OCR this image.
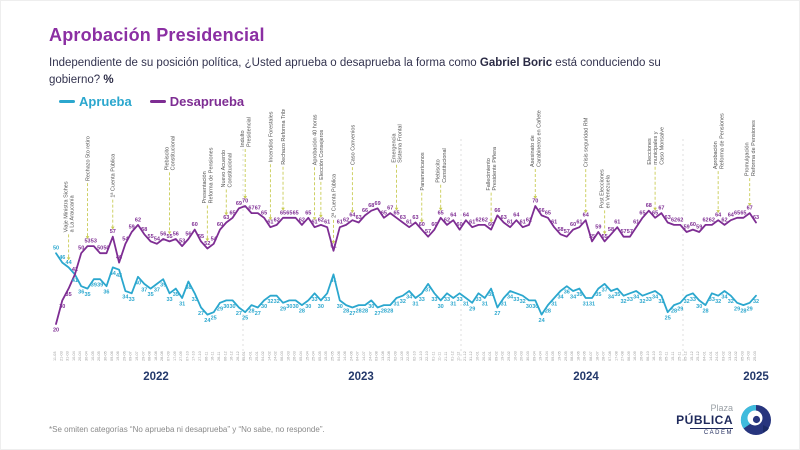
Aprobación Presidencial
Independiente de su posición política, ¿Usted aprueba o desaprueba la forma como Gabriel Boric está conduciendo su gobierno? %
Aprueba	Desaprueba
11-03 21-03 31-03 10-04 20-04 30-04 10-05 20-05 30-05 09-06 19-06 29-06 09-07 19-07 29-07 08-08 18-08 28-08 07-09 17-09 27-09 07-10 17-10 27-10 06-11 16-11 26-11 06-12 16-12 26-12 05-01 15-01 25-01 04-02 14-02 24-02 06-03 16-03 26-03 05-04 15-04 25-04 05-05 15-05 25-05 04-06 14-06 24-06 04-07 14-07 24-07 03-08 13-08 23-08 02-09 12-09 22-09 02-10 12-10 22-10 01-11 11-11 21-11 01-12 11-12 21-12 31-12 10-01 20-01 30-01 09-02 19-02 29-02 10-03 20-03 30-03 09-04 19-04 29-04 09-05 19-05 29-05 08-06 18-06 28-06 08-07 18-07 28-07 07-08 17-08 27-08 06-09 16-09 26-09 06-10 16-10 26-10 05-11 15-11 25-11 05-12 15-12 25-12 04-01 14-01 24-01 03-02 13-02 23-02 05-03 15-03 25-03
Viaje Ministra Siches a La Araucanía
Rechazo 5to retiro	1ª Cuenta Pública	Plebiscito Constitucional
Presentación Reforma de Pensiones Nuevo Acuerdo Constitucional
Indulto Presidencial	Incendios Forestales Rechazo Reforma Tributaria	Aprobación 40 horas Elección Consejeros
2ª Cuenta Pública
Caso Convenios	Emergencia Sistema Frontal
Panamericanos Plebiscito Constitucional	Fallecimiento Presidente Piñera	Asesinato de Carabineros en Cañete	Crisis seguridad RM
Post Elecciones en Venezuela
Elecciones municipales y Caso Monsalve	Aprobación Reforma de Pensiones	Promulgación Reforma de Pensiones
50
20
46
30
44
35
41
41
36
50
35
53
39
53
39
50
36
50
44
57
43
46
34
54
33
59
40
62
37
58
35
55
37
54
39
56
33
55
35
56
31
53
38
56
33
60
27
55
24
52
25
54
29
60
30
63
30
65
27
69
25
70
28
67
27
67
30
65
32
61
32
62
29
65
30
65
30
65
28
62
30
65
33
61
30
62
33
61
41
51
30
61
28
62
27
64
28
63
28
66
30
68
27
69
28
65
28
67
31
65
32
63
34
61
31
63
33
60
37
57
33
60
30
65
33
62
31
64
33
60
31
64
29
61
33
62
31
62
35
60
27
66
31
63
34
61
33
64
32
61
30
62
30
70
24
66
28
65
31
61
34
58
36
57
34
60
35
61
31
64
31
55
35
59
37
55
34
58
35
61
32
57
33
57
34
61
32
65
33
68
34
65
32
67
25
63
28
62
29
62
32
59
33
60
30
59
28
62
33
62
32
64
34
62
32
64
29
65
28
65
29
67
32
63
2022	2023	2024	2025
*Se omiten categorías “No aprueba ni desaprueba” y “No sabe, no responde”.
Plaza
PÚBLICA
CADEM
